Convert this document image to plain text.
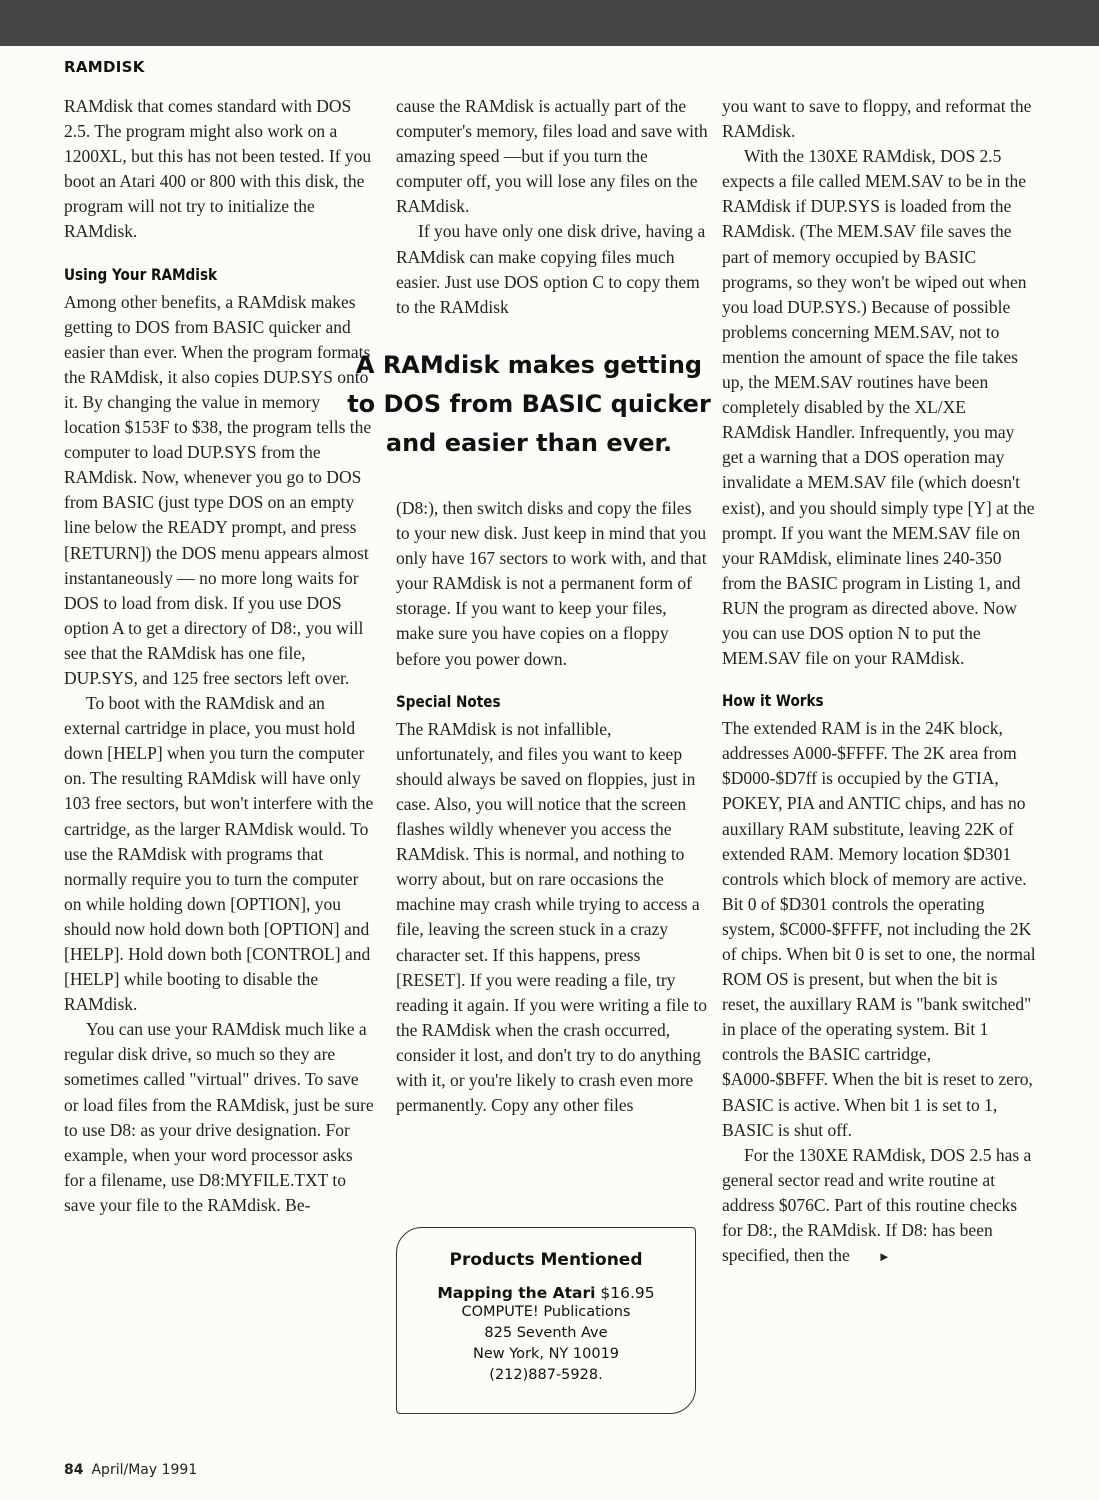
RAMDISK

RAMdisk that comes standard with DOS 2.5. The program might also work on a 1200XL, but this has not been tested. If you boot an Atari 400 or 800 with this disk, the program will not try to initialize the RAMdisk.

Using Your RAMdisk

Among other benefits, a RAMdisk makes getting to DOS from BASIC quicker and easier than ever. When the program formats the RAMdisk, it also copies DUP.SYS onto it. By changing the value in memory location $153F to $38, the program tells the computer to load DUP.SYS from the RAMdisk. Now, whenever you go to DOS from BASIC (just type DOS on an empty line below the READY prompt, and press [RETURN]) the DOS menu appears almost instantaneously — no more long waits for DOS to load from disk. If you use DOS option A to get a directory of D8:, you will see that the RAMdisk has one file, DUP.SYS, and 125 free sectors left over.

To boot with the RAMdisk and an external cartridge in place, you must hold down [HELP] when you turn the computer on. The resulting RAMdisk will have only 103 free sectors, but won't interfere with the cartridge, as the larger RAMdisk would. To use the RAMdisk with programs that normally require you to turn the computer on while holding down [OPTION], you should now hold down both [OPTION] and [HELP]. Hold down both [CONTROL] and [HELP] while booting to disable the RAMdisk.

You can use your RAMdisk much like a regular disk drive, so much so they are sometimes called "virtual" drives. To save or load files from the RAMdisk, just be sure to use D8: as your drive designation. For example, when your word processor asks for a filename, use D8:MYFILE.TXT to save your file to the RAMdisk. Be-

cause the RAMdisk is actually part of the computer's memory, files load and save with amazing speed —but if you turn the computer off, you will lose any files on the RAMdisk.

If you have only one disk drive, having a RAMdisk can make copying files much easier. Just use DOS option C to copy them to the RAMdisk

A RAMdisk makes getting to DOS from BASIC quicker and easier than ever.

(D8:), then switch disks and copy the files to your new disk. Just keep in mind that you only have 167 sectors to work with, and that your RAMdisk is not a permanent form of storage. If you want to keep your files, make sure you have copies on a floppy before you power down.

Special Notes

The RAMdisk is not infallible, unfortunately, and files you want to keep should always be saved on floppies, just in case. Also, you will notice that the screen flashes wildly whenever you access the RAMdisk. This is normal, and nothing to worry about, but on rare occasions the machine may crash while trying to access a file, leaving the screen stuck in a crazy character set. If this happens, press [RESET]. If you were reading a file, try reading it again. If you were writing a file to the RAMdisk when the crash occurred, consider it lost, and don't try to do anything with it, or you're likely to crash even more permanently. Copy any other files

Products Mentioned
Mapping the Atari $16.95
COMPUTE! Publications
825 Seventh Ave
New York, NY 10019
(212)887-5928.

you want to save to floppy, and reformat the RAMdisk.

With the 130XE RAMdisk, DOS 2.5 expects a file called MEM.SAV to be in the RAMdisk if DUP.SYS is loaded from the RAMdisk. (The MEM.SAV file saves the part of memory occupied by BASIC programs, so they won't be wiped out when you load DUP.SYS.) Because of possible problems concerning MEM.SAV, not to mention the amount of space the file takes up, the MEM.SAV routines have been completely disabled by the XL/XE RAMdisk Handler. Infrequently, you may get a warning that a DOS operation may invalidate a MEM.SAV file (which doesn't exist), and you should simply type [Y] at the prompt. If you want the MEM.SAV file on your RAMdisk, eliminate lines 240-350 from the BASIC program in Listing 1, and RUN the program as directed above. Now you can use DOS option N to put the MEM.SAV file on your RAMdisk.

How it Works

The extended RAM is in the 24K block, addresses A000-$FFFF. The 2K area from $D000-$D7ff is occupied by the GTIA, POKEY, PIA and ANTIC chips, and has no auxillary RAM substitute, leaving 22K of extended RAM. Memory location $D301 controls which block of memory are active. Bit 0 of $D301 controls the operating system, $C000-$FFFF, not including the 2K of chips. When bit 0 is set to one, the normal ROM OS is present, but when the bit is reset, the auxillary RAM is "bank switched" in place of the operating system. Bit 1 controls the BASIC cartridge, $A000-$BFFF. When the bit is reset to zero, BASIC is active. When bit 1 is set to 1, BASIC is shut off.

For the 130XE RAMdisk, DOS 2.5 has a general sector read and write routine at address $076C. Part of this routine checks for D8:, the RAMdisk. If D8: has been specified, then the ►

84 April/May 1991
